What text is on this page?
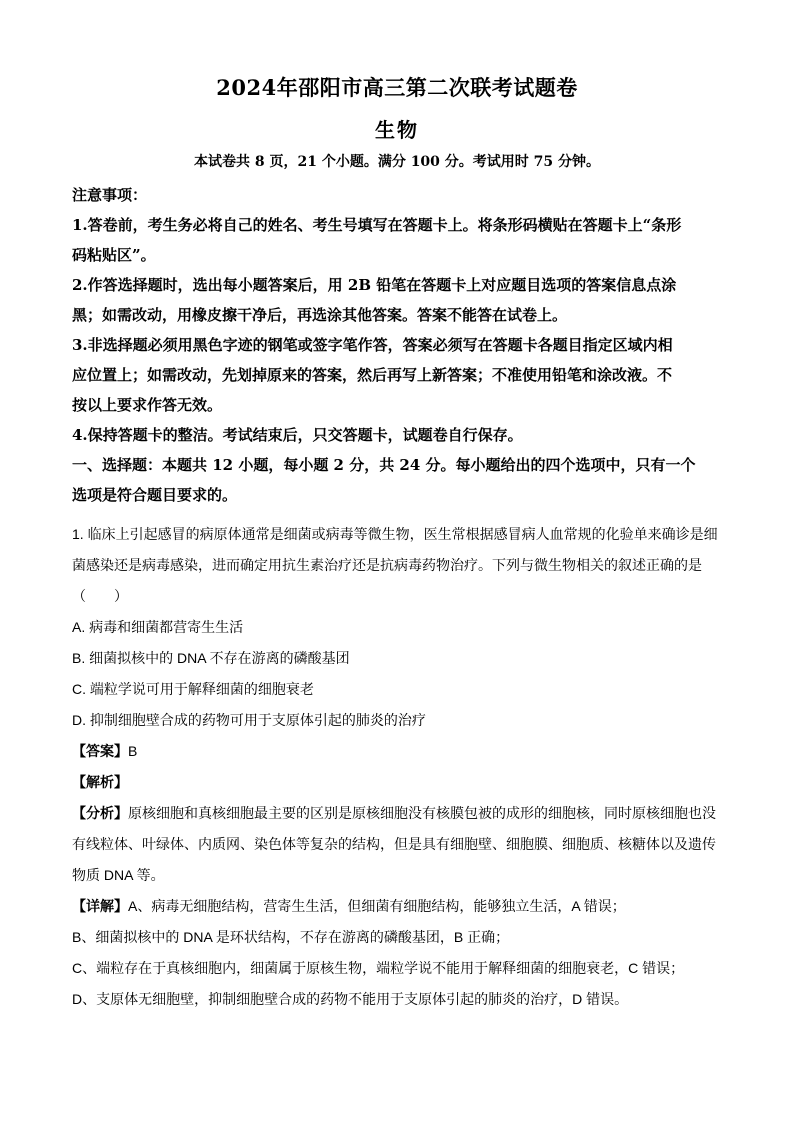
2024年邵阳市高三第二次联考试题卷
生物
本试卷共 8 页，21 个小题。满分 100 分。考试用时 75 分钟。

注意事项：

1.答卷前，考生务必将自己的姓名、考生号填写在答题卡上。将条形码横贴在答题卡上“条形

码粘贴区”。

2.作答选择题时，选出每小题答案后，用 2B 铅笔在答题卡上对应题目选项的答案信息点涂

黑；如需改动，用橡皮擦干净后，再选涂其他答案。答案不能答在试卷上。

3.非选择题必须用黑色字迹的钢笔或签字笔作答，答案必须写在答题卡各题目指定区域内相

应位置上；如需改动，先划掉原来的答案，然后再写上新答案；不准使用铅笔和涂改液。不

按以上要求作答无效。

4.保持答题卡的整洁。考试结束后，只交答题卡，试题卷自行保存。

一、选择题：本题共 12 小题，每小题 2 分，共 24 分。每小题给出的四个选项中，只有一个

选项是符合题目要求的。

1. 临床上引起感冒的病原体通常是细菌或病毒等微生物，医生常根据感冒病人血常规的化验单来确诊是细

菌感染还是病毒感染，进而确定用抗生素治疗还是抗病毒药物治疗。下列与微生物相关的叙述正确的是

（　　）

A. 病毒和细菌都营寄生生活

B. 细菌拟核中的 DNA 不存在游离的磷酸基团

C. 端粒学说可用于解释细菌的细胞衰老

D. 抑制细胞壁合成的药物可用于支原体引起的肺炎的治疗

【答案】B

【解析】

【分析】原核细胞和真核细胞最主要的区别是原核细胞没有核膜包被的成形的细胞核，同时原核细胞也没

有线粒体、叶绿体、内质网、染色体等复杂的结构，但是具有细胞壁、细胞膜、细胞质、核糖体以及遗传

物质 DNA 等。

【详解】A、病毒无细胞结构，营寄生生活，但细菌有细胞结构，能够独立生活，A 错误；

B、细菌拟核中的 DNA 是环状结构，不存在游离的磷酸基团，B 正确；

C、端粒存在于真核细胞内，细菌属于原核生物，端粒学说不能用于解释细菌的细胞衰老，C 错误；

D、支原体无细胞壁，抑制细胞壁合成的药物不能用于支原体引起的肺炎的治疗，D 错误。
